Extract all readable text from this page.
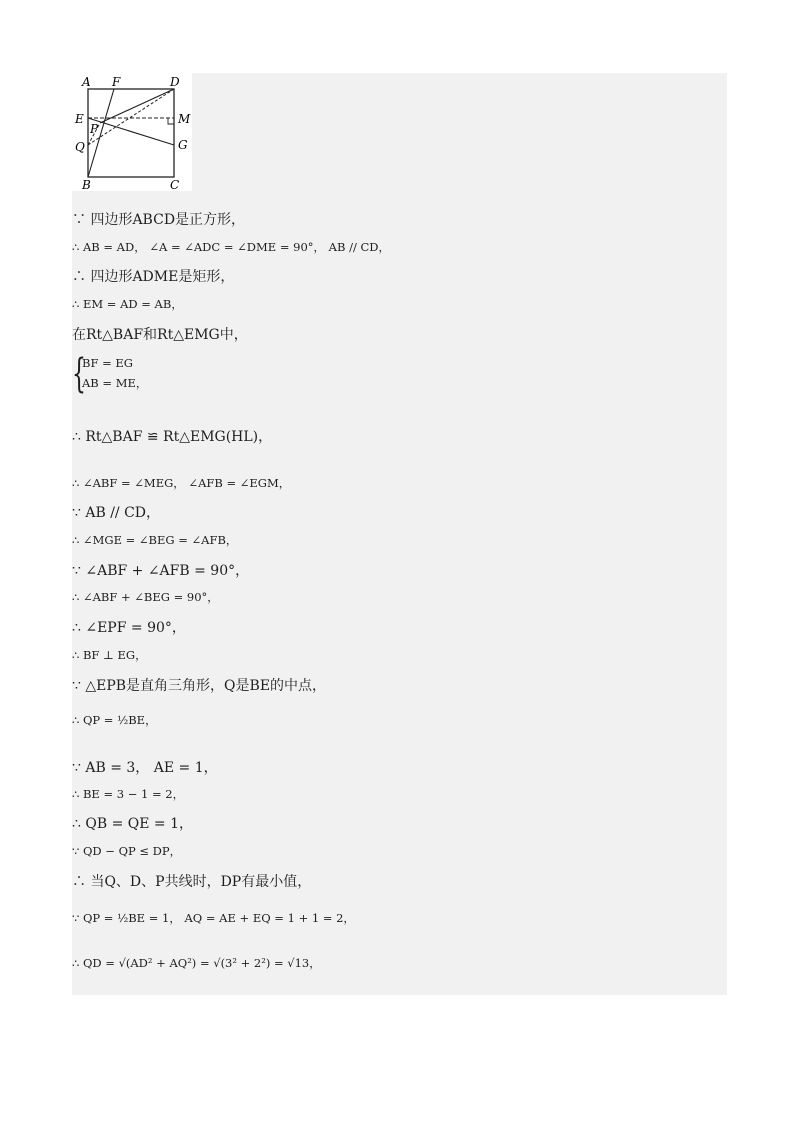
A F	D
E
P
M
Q	G
B	C
∵ 四边形ABCD是正方形，
∴ AB = AD， ∠A = ∠ADC = ∠DME = 90°， AB // CD，
∴ 四边形ADME是矩形，
∴ EM = AD = AB，
在Rt△BAF和Rt△EMG中，
{
BF = EG
AB = ME，
∴ Rt△BAF ≌ Rt△EMG(HL)，
∴ ∠ABF = ∠MEG， ∠AFB = ∠EGM，
∵ AB // CD，
∴ ∠MGE = ∠BEG = ∠AFB，
∵ ∠ABF + ∠AFB = 90°，
∴ ∠ABF + ∠BEG = 90°，
∴ ∠EPF = 90°，
∴ BF ⊥ EG，
∵ △EPB是直角三角形，Q是BE的中点，
∴ QP = ½BE，
∵ AB = 3， AE = 1，
∴ BE = 3 − 1 = 2，
∴ QB = QE = 1，
∵ QD − QP ≤ DP，
∴ 当Q、D、P共线时，DP有最小值，
∵ QP = ½BE = 1， AQ = AE + EQ = 1 + 1 = 2，
∴ QD = √(AD² + AQ²) = √(3² + 2²) = √13，
